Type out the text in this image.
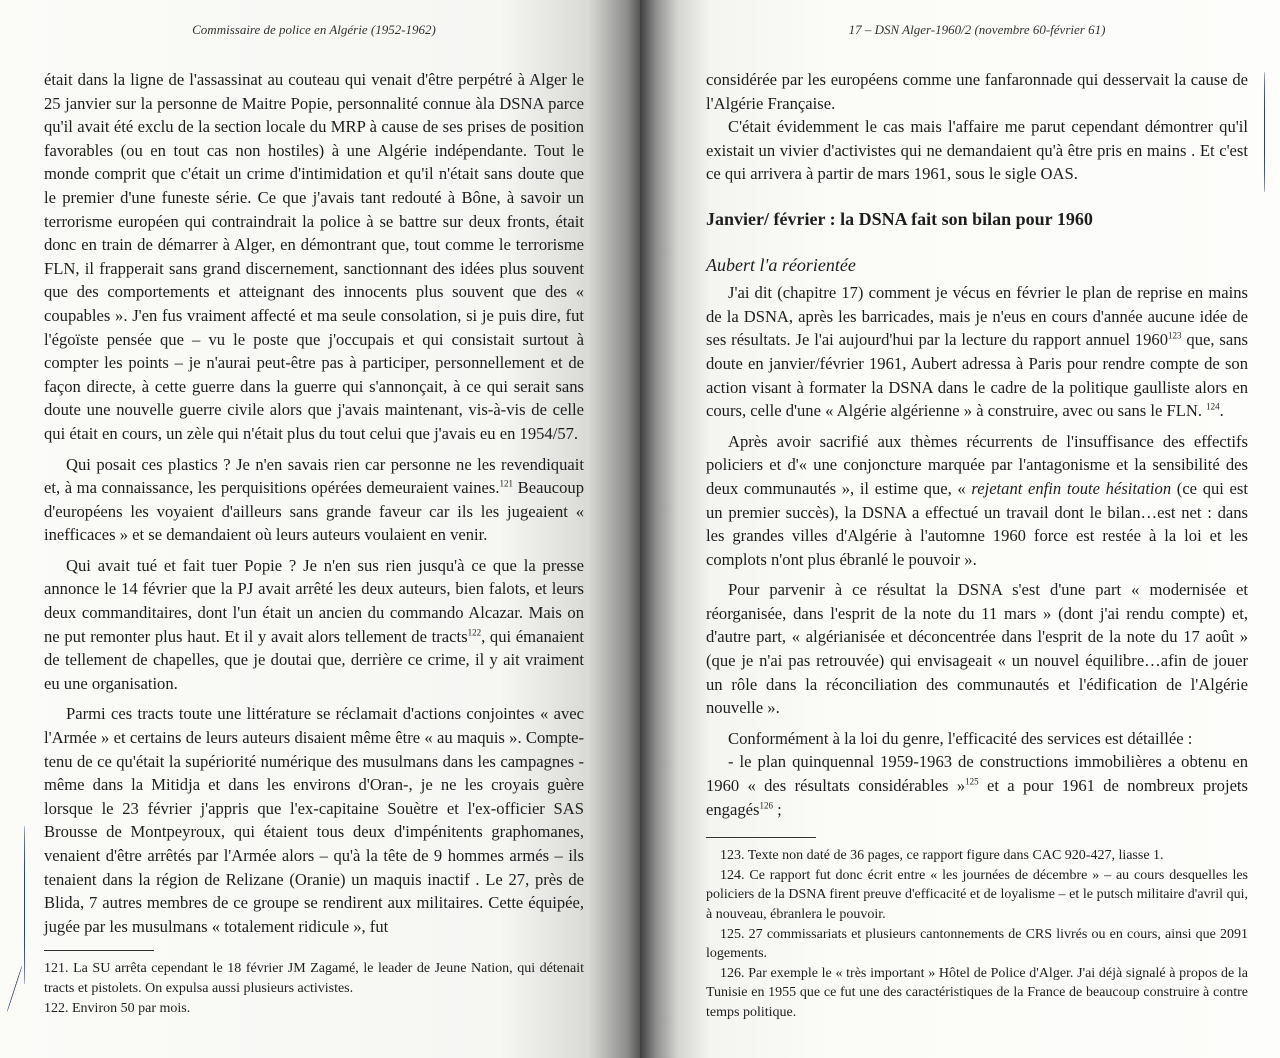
Commissaire de police en Algérie (1952-1962)

était dans la ligne de l'assassinat au couteau qui venait d'être perpétré à Alger le 25 janvier sur la personne de Maitre Popie, personnalité connue àla DSNA parce qu'il avait été exclu de la section locale du MRP à cause de ses prises de position favorables (ou en tout cas non hostiles) à une Algérie indépendante. Tout le monde comprit que c'était un crime d'intimidation et qu'il n'était sans doute que le premier d'une funeste série. Ce que j'avais tant redouté à Bône, à savoir un terrorisme européen qui contraindrait la police à se battre sur deux fronts, était donc en train de démarrer à Alger, en démontrant que, tout comme le terrorisme FLN, il frapperait sans grand discernement, sanctionnant des idées plus souvent que des comportements et atteignant des innocents plus souvent que des « coupables ». J'en fus vraiment affecté et ma seule consolation, si je puis dire, fut l'égoïste pensée que – vu le poste que j'occupais et qui consistait surtout à compter les points – je n'aurai peut-être pas à participer, personnellement et de façon directe, à cette guerre dans la guerre qui s'annonçait, à ce qui serait sans doute une nouvelle guerre civile alors que j'avais maintenant, vis-à-vis de celle qui était en cours, un zèle qui n'était plus du tout celui que j'avais eu en 1954/57.

Qui posait ces plastics ? Je n'en savais rien car personne ne les revendiquait et, à ma connaissance, les perquisitions opérées demeuraient vaines.$^{121}$ Beaucoup d'européens les voyaient d'ailleurs sans grande faveur car ils les jugeaient « inefficaces » et se demandaient où leurs auteurs voulaient en venir.

Qui avait tué et fait tuer Popie ? Je n'en sus rien jusqu'à ce que la presse annonce le 14 février que la PJ avait arrêté les deux auteurs, bien falots, et leurs deux commanditaires, dont l'un était un ancien du commando Alcazar. Mais on ne put remonter plus haut. Et il y avait alors tellement de tracts$^{122}$, qui émanaient de tellement de chapelles, que je doutai que, derrière ce crime, il y ait vraiment eu une organisation.

Parmi ces tracts toute une littérature se réclamait d'actions conjointes « avec l'Armée » et certains de leurs auteurs disaient même être « au maquis ». Compte-tenu de ce qu'était la supériorité numérique des musulmans dans les campagnes - même dans la Mitidja et dans les environs d'Oran-, je ne les croyais guère lorsque le 23 février j'appris que l'ex-capitaine Souètre et l'ex-officier SAS Brousse de Montpeyroux, qui étaient tous deux d'impénitents graphomanes, venaient d'être arrêtés par l'Armée alors – qu'à la tête de 9 hommes armés – ils tenaient dans la région de Relizane (Oranie) un maquis inactif . Le 27, près de Blida, 7 autres membres de ce groupe se rendirent aux militaires. Cette équipée, jugée par les musulmans « totalement ridicule », fut

121. La SU arrêta cependant le 18 février JM Zagamé, le leader de Jeune Nation, qui détenait tracts et pistolets. On expulsa aussi plusieurs activistes.

122. Environ 50 par mois.

17 – DSN Alger-1960/2 (novembre 60-février 61)

considérée par les européens comme une fanfaronnade qui desservait la cause de l'Algérie Française.

C'était évidemment le cas mais l'affaire me parut cependant démontrer qu'il existait un vivier d'activistes qui ne demandaient qu'à être pris en mains . Et c'est ce qui arrivera à partir de mars 1961, sous le sigle OAS.

Janvier/ février : la DSNA fait son bilan pour 1960
Aubert l'a réorientée

J'ai dit (chapitre 17) comment je vécus en février le plan de reprise en mains de la DSNA, après les barricades, mais je n'eus en cours d'année aucune idée de ses résultats. Je l'ai aujourd'hui par la lecture du rapport annuel 1960$^{123}$ que, sans doute en janvier/février 1961, Aubert adressa à Paris pour rendre compte de son action visant à formater la DSNA dans le cadre de la politique gaulliste alors en cours, celle d'une « Algérie algérienne » à construire, avec ou sans le FLN. $^{124}$.

Après avoir sacrifié aux thèmes récurrents de l'insuffisance des effectifs policiers et d'« une conjoncture marquée par l'antagonisme et la sensibilité des deux communautés », il estime que, « rejetant enfin toute hésitation (ce qui est un premier succès), la DSNA a effectué un travail dont le bilan…est net : dans les grandes villes d'Algérie à l'automne 1960 force est restée à la loi et les complots n'ont plus ébranlé le pouvoir ».

Pour parvenir à ce résultat la DSNA s'est d'une part « modernisée et réorganisée, dans l'esprit de la note du 11 mars » (dont j'ai rendu compte) et, d'autre part, « algérianisée et déconcentrée dans l'esprit de la note du 17 août » (que je n'ai pas retrouvée) qui envisageait « un nouvel équilibre…afin de jouer un rôle dans la réconciliation des communautés et l'édification de l'Algérie nouvelle ».

Conformément à la loi du genre, l'efficacité des services est détaillée :

- le plan quinquennal 1959-1963 de constructions immobilières a obtenu en 1960 « des résultats considérables »$^{125}$ et a pour 1961 de nombreux projets engagés$^{126}$ ;

123. Texte non daté de 36 pages, ce rapport figure dans CAC 920-427, liasse 1.

124. Ce rapport fut donc écrit entre « les journées de décembre » – au cours desquelles les policiers de la DSNA firent preuve d'efficacité et de loyalisme – et le putsch militaire d'avril qui, à nouveau, ébranlera le pouvoir.

125. 27 commissariats et plusieurs cantonnements de CRS livrés ou en cours, ainsi que 2091 logements.

126. Par exemple le « très important » Hôtel de Police d'Alger. J'ai déjà signalé à propos de la Tunisie en 1955 que ce fut une des caractéristiques de la France de beaucoup construire à contre temps politique.
